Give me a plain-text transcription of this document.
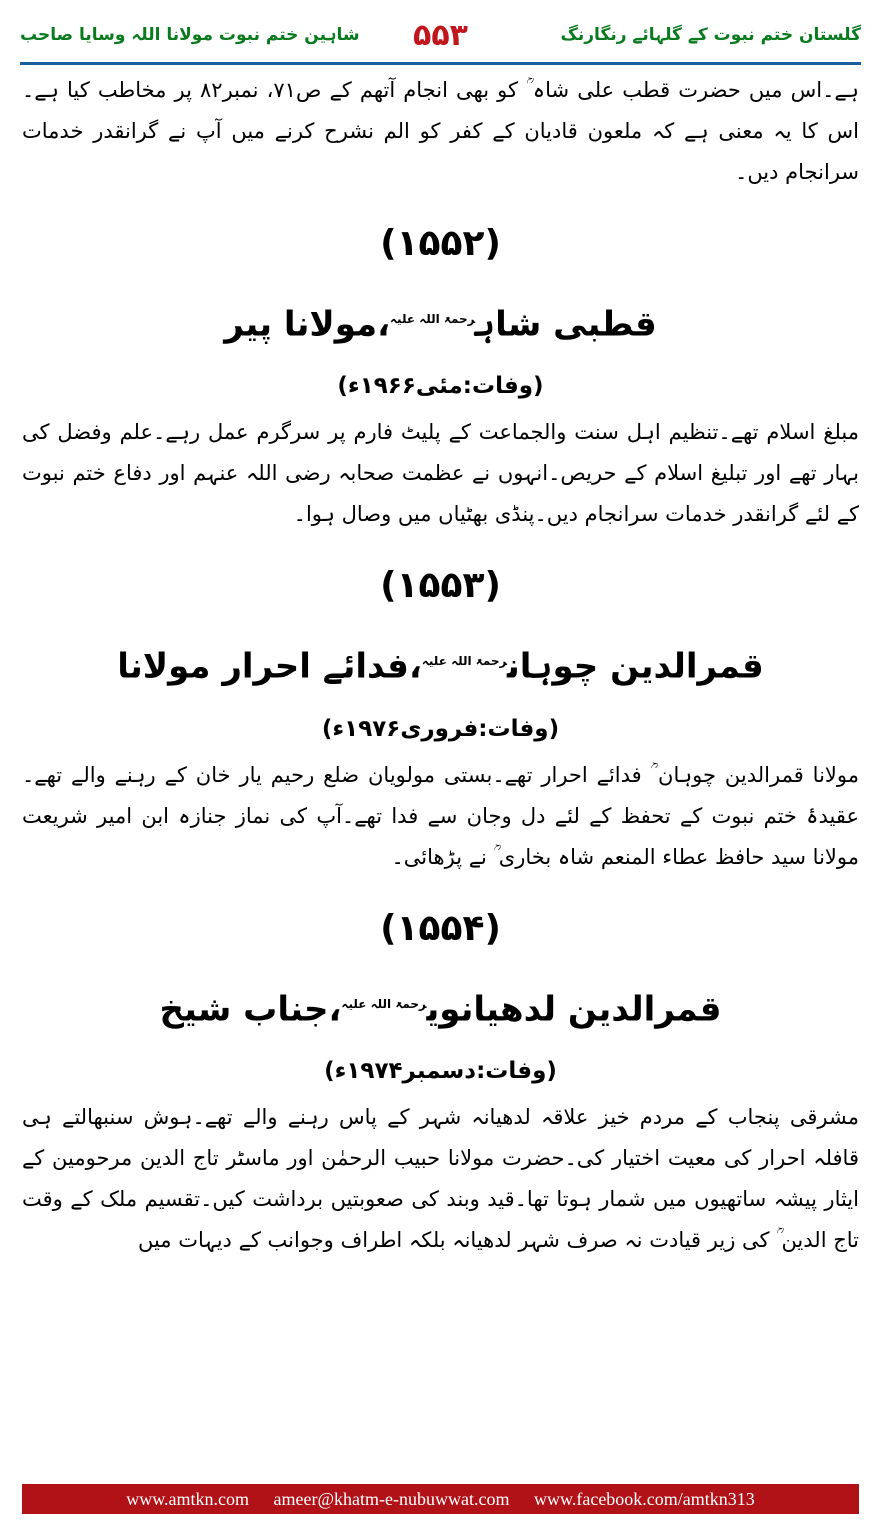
گلستان ختم نبوت کے گلہائے رنگارنگ
۵۵۳
شاہین ختم نبوت مولانا اللہ وسایا صاحب

ہے۔اس میں حضرت قطب علی شاہ ؒ کو بھی انجام آتھم کے ص۷۱، نمبر۸۲ پر مخاطب کیا ہے۔اس کا یہ معنی ہے کہ ملعون قادیان کے کفر کو الم نشرح کرنے میں آپ نے گرانقدر خدمات سرانجام دیں۔

(۱۵۵۲)
قطبی شاہ$^{رحمۃ اللہ علیہ}$،مولانا پیر
(وفات:مئی۱۹۶۶ء)

مبلغ اسلام تھے۔تنظیم اہل سنت والجماعت کے پلیٹ فارم پر سرگرم عمل رہے۔علم وفضل کی بہار تھے اور تبلیغ اسلام کے حریص۔انہوں نے عظمت صحابہ رضی اللہ عنہم اور دفاع ختم نبوت کے لئے گرانقدر خدمات سرانجام دیں۔پنڈی بھٹیاں میں وصال ہوا۔

(۱۵۵۳)
قمرالدین چوہان$^{رحمۃ اللہ علیہ}$،فدائے احرار مولانا
(وفات:فروری۱۹۷۶ء)

مولانا قمرالدین چوہان ؒ فدائے احرار تھے۔بستی مولویان ضلع رحیم یار خان کے رہنے والے تھے۔عقیدۂ ختم نبوت کے تحفظ کے لئے دل وجان سے فدا تھے۔آپ کی نماز جنازہ ابن امیر شریعت مولانا سید حافظ عطاء المنعم شاہ بخاری ؒ نے پڑھائی۔

(۱۵۵۴)
قمرالدین لدھیانوی$^{رحمۃ اللہ علیہ}$،جناب شیخ
(وفات:دسمبر۱۹۷۴ء)

مشرقی پنجاب کے مردم خیز علاقہ لدھیانہ شہر کے پاس رہنے والے تھے۔ہوش سنبھالتے ہی قافلہ احرار کی معیت اختیار کی۔حضرت مولانا حبیب الرحمٰن اور ماسٹر تاج الدین مرحومین کے ایثار پیشہ ساتھیوں میں شمار ہوتا تھا۔قید وبند کی صعوبتیں برداشت کیں۔تقسیم ملک کے وقت تاج الدین ؒ کی زیر قیادت نہ صرف شہر لدھیانہ بلکہ اطراف وجوانب کے دیہات میں

www.amtkn.com ameer@khatm-e-nubuwwat.com www.facebook.com/amtkn313
